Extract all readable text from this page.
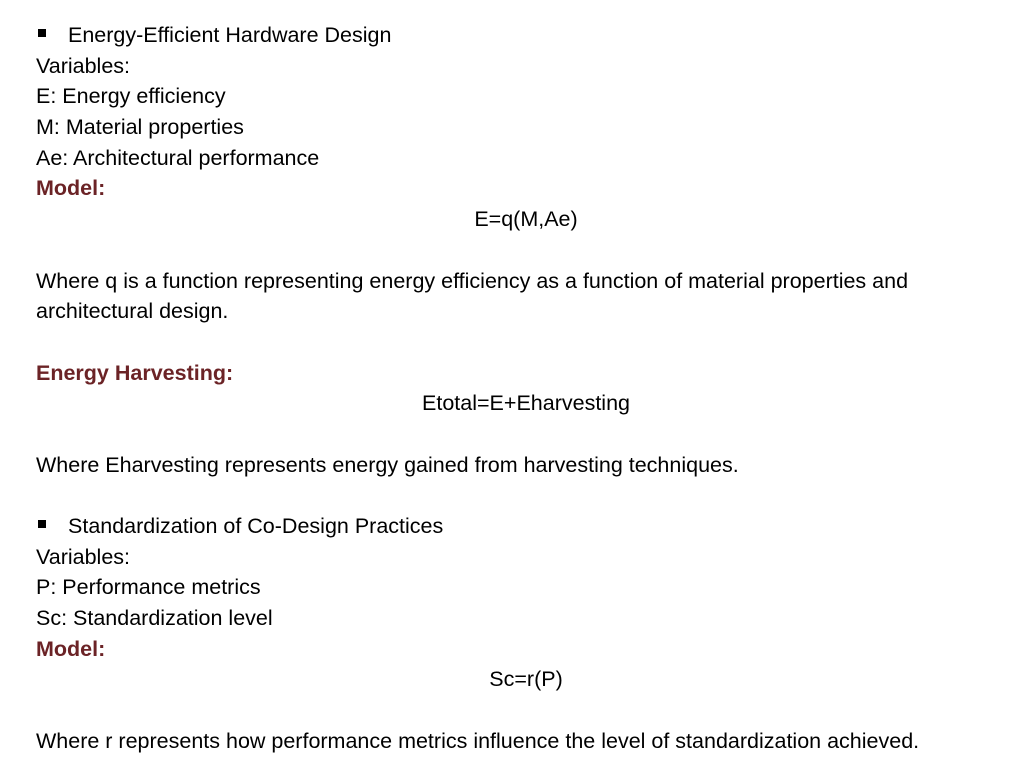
Energy-Efficient Hardware Design
Variables:
E: Energy efficiency
M: Material properties
Ae: Architectural performance
Model:
E=q(M,Ae)
Where q is a function representing energy efficiency as a function of material properties and architectural design.
Energy Harvesting:
Etotal=E+Eharvesting
Where Eharvesting represents energy gained from harvesting techniques.
Standardization of Co-Design Practices
Variables:
P: Performance metrics
Sc: Standardization level
Model:
Sc=r(P)
Where r represents how performance metrics influence the level of standardization achieved.
